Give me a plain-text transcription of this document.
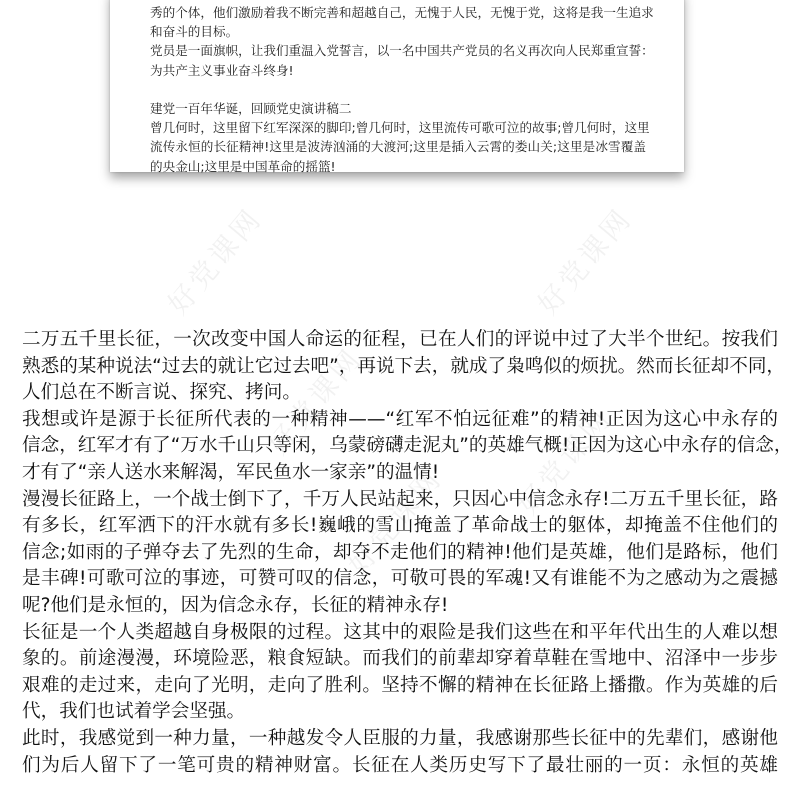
好党课网	好党课网
好党课网
好党课网
好党课网
秀的个体，他们激励着我不断完善和超越自己，无愧于人民，无愧于党，这将是我一生追求
和奋斗的目标。
党员是一面旗帜，让我们重温入党誓言，以一名中国共产党员的名义再次向人民郑重宣誓：
为共产主义事业奋斗终身!
建党一百年华诞，回顾党史演讲稿二
曾几何时，这里留下红军深深的脚印;曾几何时，这里流传可歌可泣的故事;曾几何时，这里
流传永恒的长征精神!这里是波涛汹涌的大渡河;这里是插入云霄的娄山关;这里是冰雪覆盖
的央金山;这里是中国革命的摇篮!
二万五千里长征，一次改变中国人命运的征程，已在人们的评说中过了大半个世纪。按我们
熟悉的某种说法“过去的就让它过去吧”，再说下去，就成了枭鸣似的烦扰。然而长征却不同，
人们总在不断言说、探究、拷问。
我想或许是源于长征所代表的一种精神——“红军不怕远征难”的精神!正因为这心中永存的
信念，红军才有了“万水千山只等闲，乌蒙磅礴走泥丸”的英雄气概!正因为这心中永存的信念，
才有了“亲人送水来解渴，军民鱼水一家亲”的温情!
漫漫长征路上，一个战士倒下了，千万人民站起来，只因心中信念永存!二万五千里长征，路
有多长，红军洒下的汗水就有多长!巍峨的雪山掩盖了革命战士的躯体，却掩盖不住他们的
信念;如雨的子弹夺去了先烈的生命，却夺不走他们的精神!他们是英雄，他们是路标，他们
是丰碑!可歌可泣的事迹，可赞可叹的信念，可敬可畏的军魂!又有谁能不为之感动为之震撼
呢?他们是永恒的，因为信念永存，长征的精神永存!
长征是一个人类超越自身极限的过程。这其中的艰险是我们这些在和平年代出生的人难以想
象的。前途漫漫，环境险恶，粮食短缺。而我们的前辈却穿着草鞋在雪地中、沼泽中一步步
艰难的走过来，走向了光明，走向了胜利。坚持不懈的精神在长征路上播撒。作为英雄的后
代，我们也试着学会坚强。
此时，我感觉到一种力量，一种越发令人臣服的力量，我感谢那些长征中的先辈们，感谢他
们为后人留下了一笔可贵的精神财富。长征在人类历史写下了最壮丽的一页：永恒的英雄
